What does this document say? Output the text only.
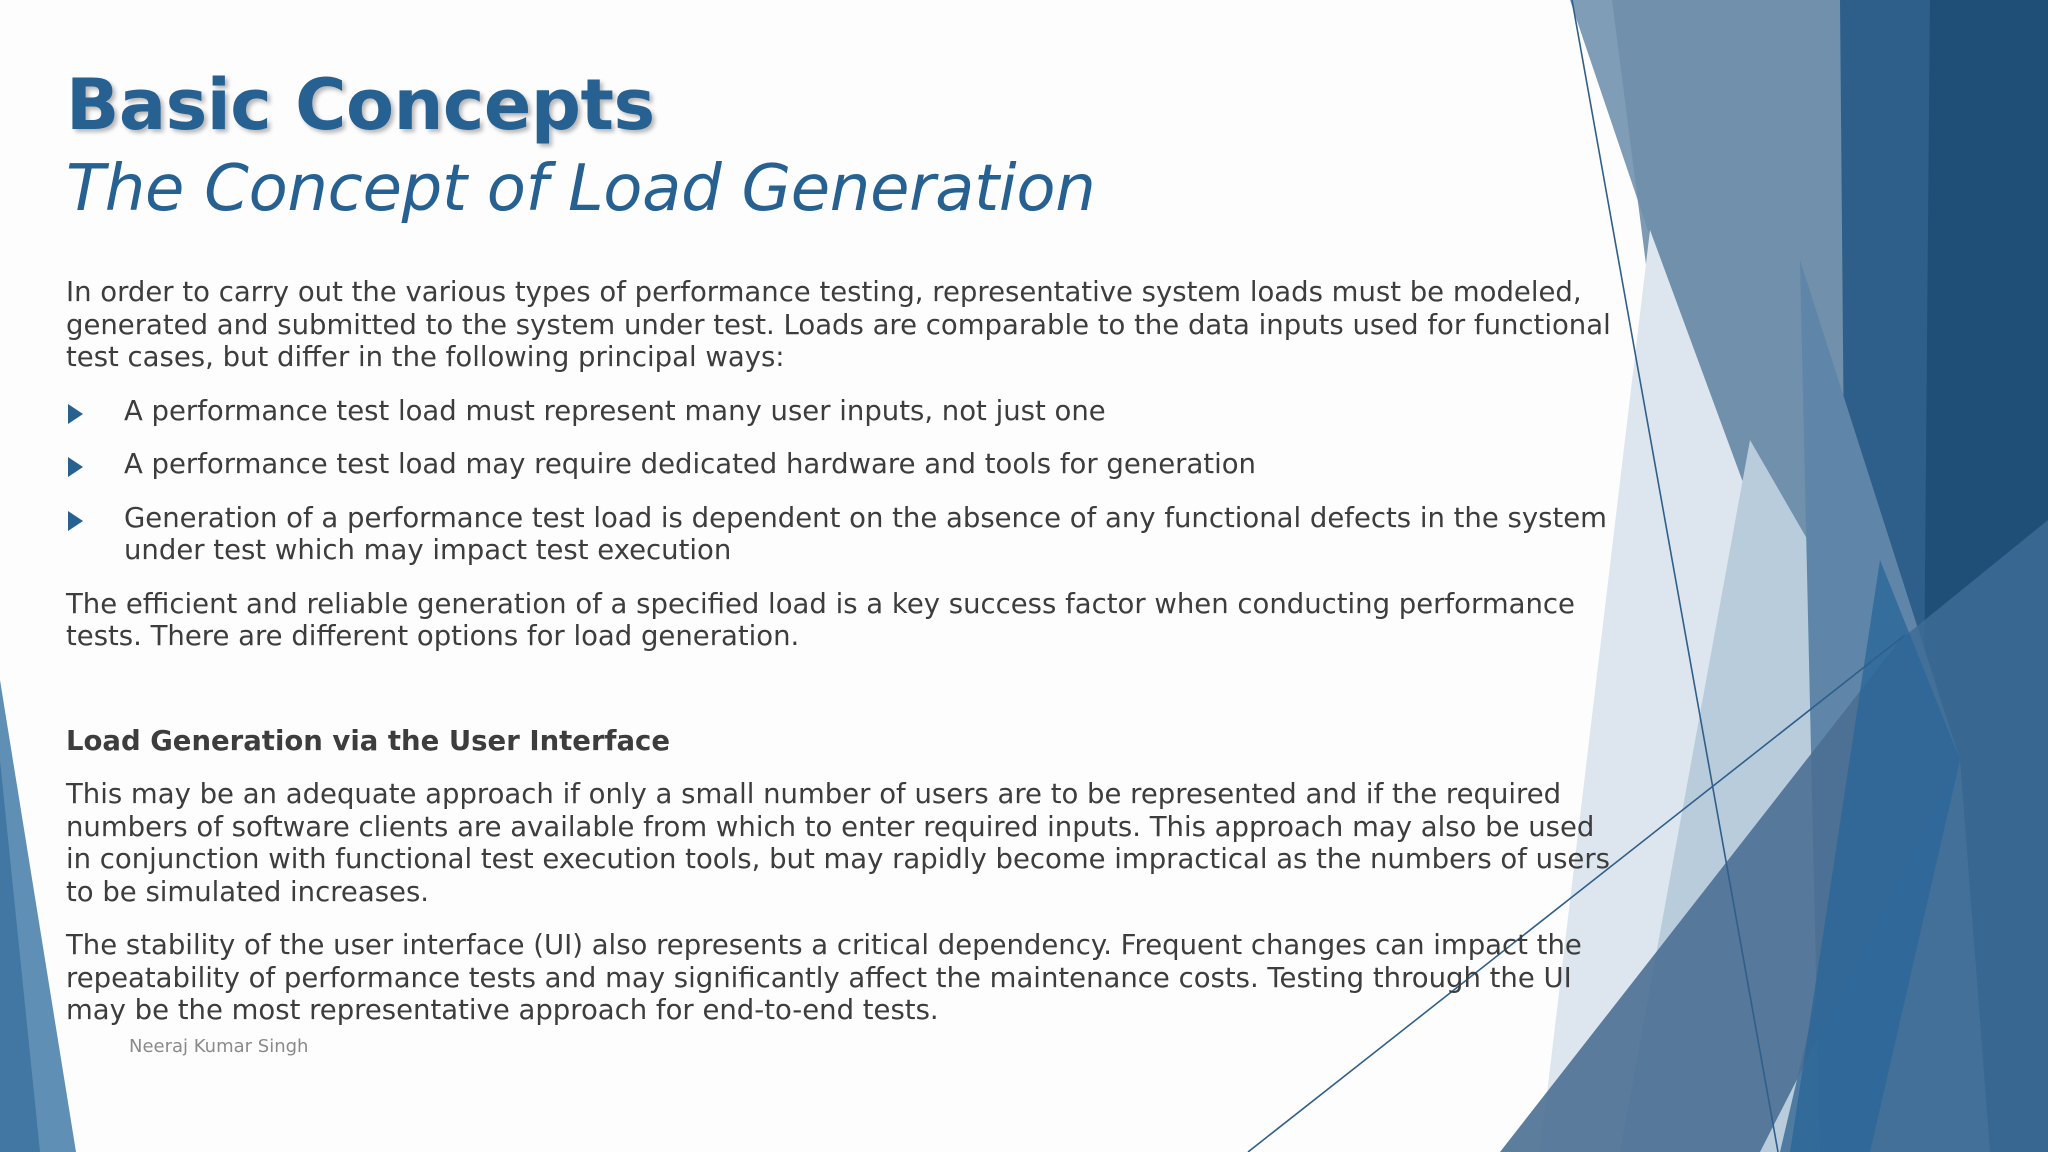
Basic Concepts
The Concept of Load Generation

In order to carry out the various types of performance testing, representative system loads must be modeled, generated and submitted to the system under test. Loads are comparable to the data inputs used for functional test cases, but differ in the following principal ways:

A performance test load must represent many user inputs, not just one
A performance test load may require dedicated hardware and tools for generation
Generation of a performance test load is dependent on the absence of any functional defects in the system under test which may impact test execution

The efficient and reliable generation of a specified load is a key success factor when conducting performance tests. There are different options for load generation.

Load Generation via the User Interface

This may be an adequate approach if only a small number of users are to be represented and if the required numbers of software clients are available from which to enter required inputs. This approach may also be used in conjunction with functional test execution tools, but may rapidly become impractical as the numbers of users to be simulated increases.

The stability of the user interface (UI) also represents a critical dependency. Frequent changes can impact the repeatability of performance tests and may significantly affect the maintenance costs. Testing through the UI may be the most representative approach for end-to-end tests.

Neeraj Kumar Singh
